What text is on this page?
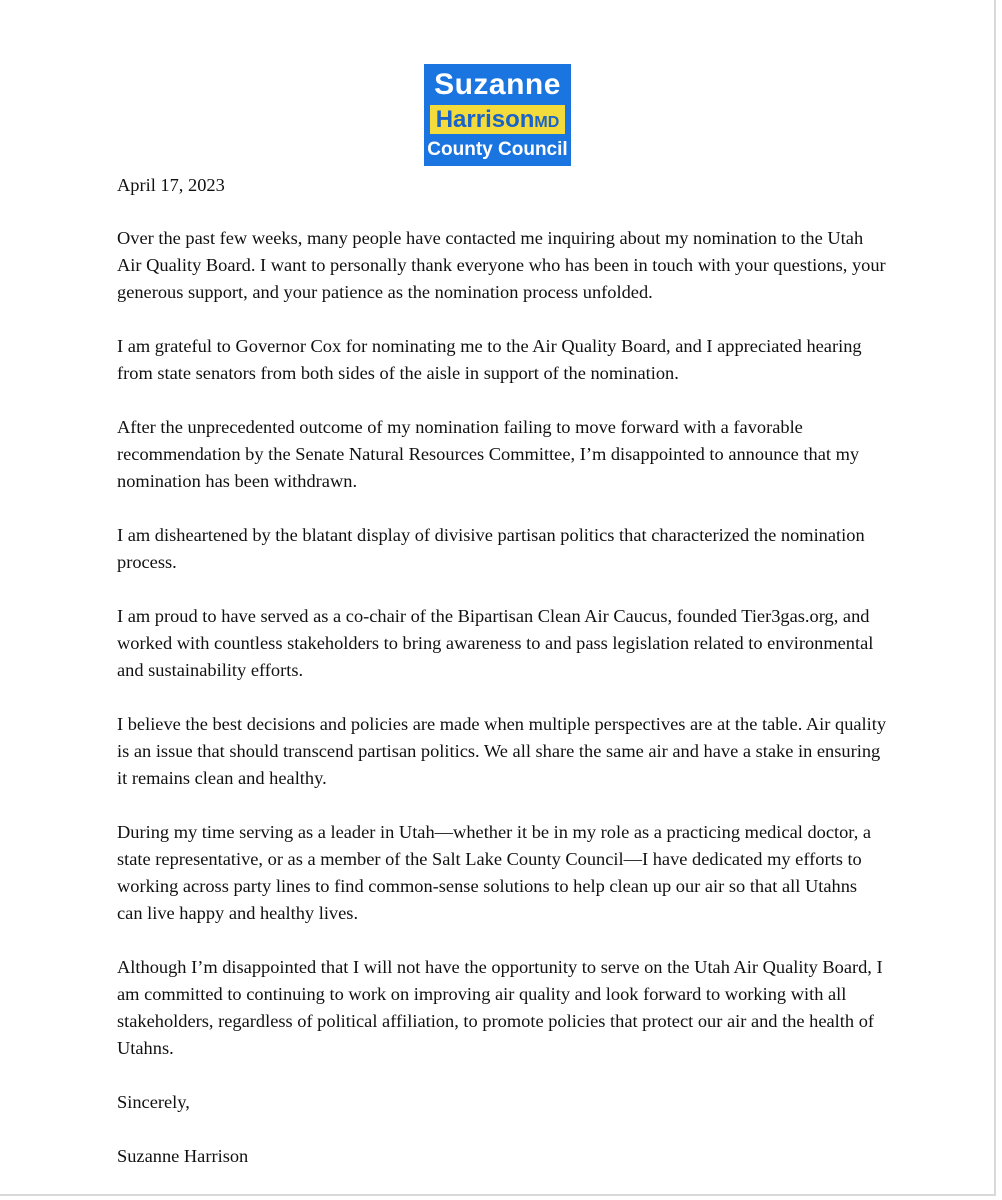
Suzanne
HarrisonMD
County Council

April 17, 2023

Over the past few weeks, many people have contacted me inquiring about my nomination to the Utah Air Quality Board. I want to personally thank everyone who has been in touch with your questions, your generous support, and your patience as the nomination process unfolded.

I am grateful to Governor Cox for nominating me to the Air Quality Board, and I appreciated hearing from state senators from both sides of the aisle in support of the nomination.

After the unprecedented outcome of my nomination failing to move forward with a favorable recommendation by the Senate Natural Resources Committee, I’m disappointed to announce that my nomination has been withdrawn.

I am disheartened by the blatant display of divisive partisan politics that characterized the nomination process.

I am proud to have served as a co-chair of the Bipartisan Clean Air Caucus, founded Tier3gas.org, and worked with countless stakeholders to bring awareness to and pass legislation related to environmental and sustainability efforts.

I believe the best decisions and policies are made when multiple perspectives are at the table. Air quality is an issue that should transcend partisan politics. We all share the same air and have a stake in ensuring it remains clean and healthy.

During my time serving as a leader in Utah—whether it be in my role as a practicing medical doctor, a state representative, or as a member of the Salt Lake County Council—I have dedicated my efforts to working across party lines to find common-sense solutions to help clean up our air so that all Utahns can live happy and healthy lives.

Although I’m disappointed that I will not have the opportunity to serve on the Utah Air Quality Board, I am committed to continuing to work on improving air quality and look forward to working with all stakeholders, regardless of political affiliation, to promote policies that protect our air and the health of Utahns.

Sincerely,

Suzanne Harrison
